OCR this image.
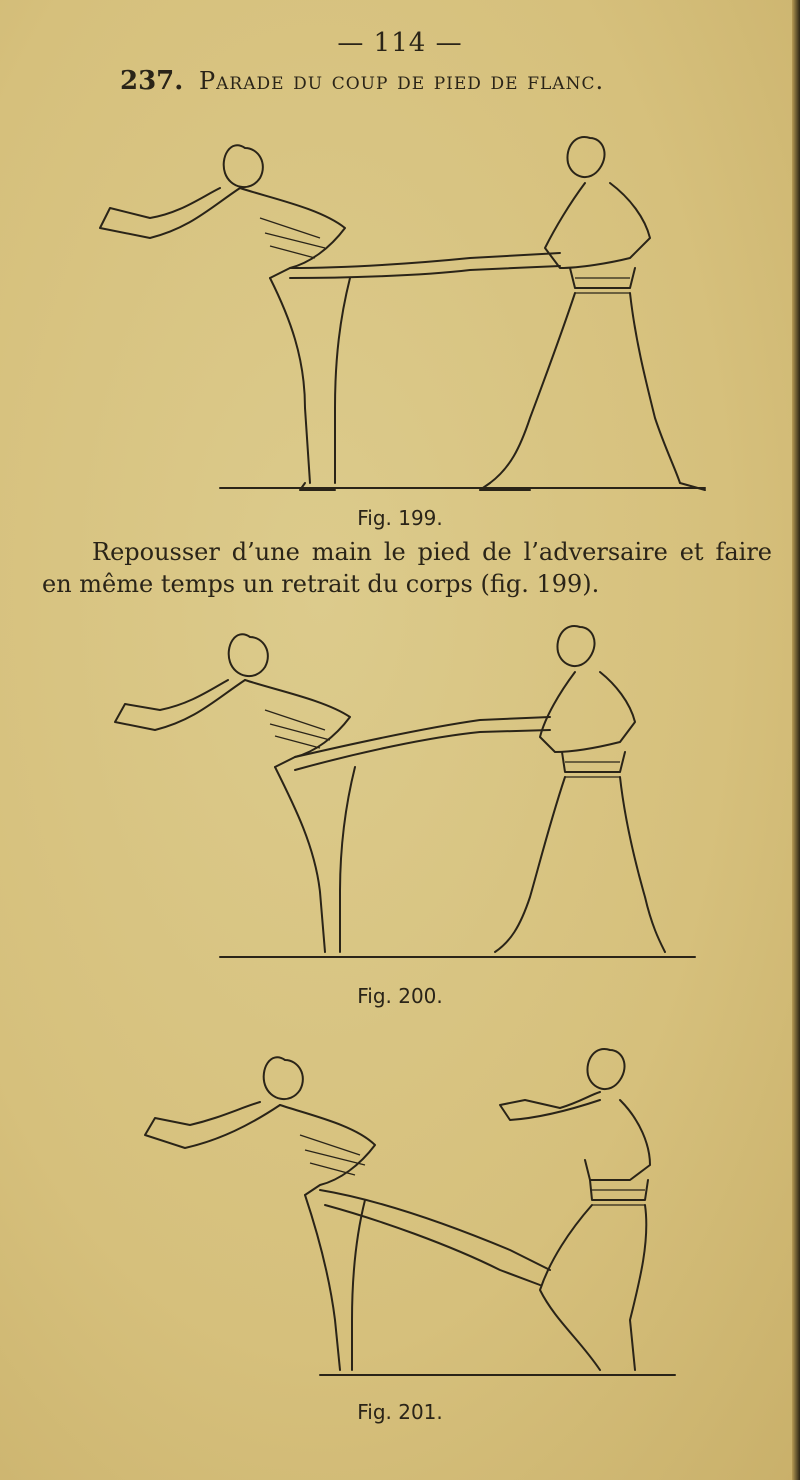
— 114 —
237. Parade du coup de pied de flanc.
Fig. 199.

Repousser d’une main le pied de l’adversaire et faire en même temps un retrait du corps (fig. 199).

Fig. 200.
Fig. 201.
